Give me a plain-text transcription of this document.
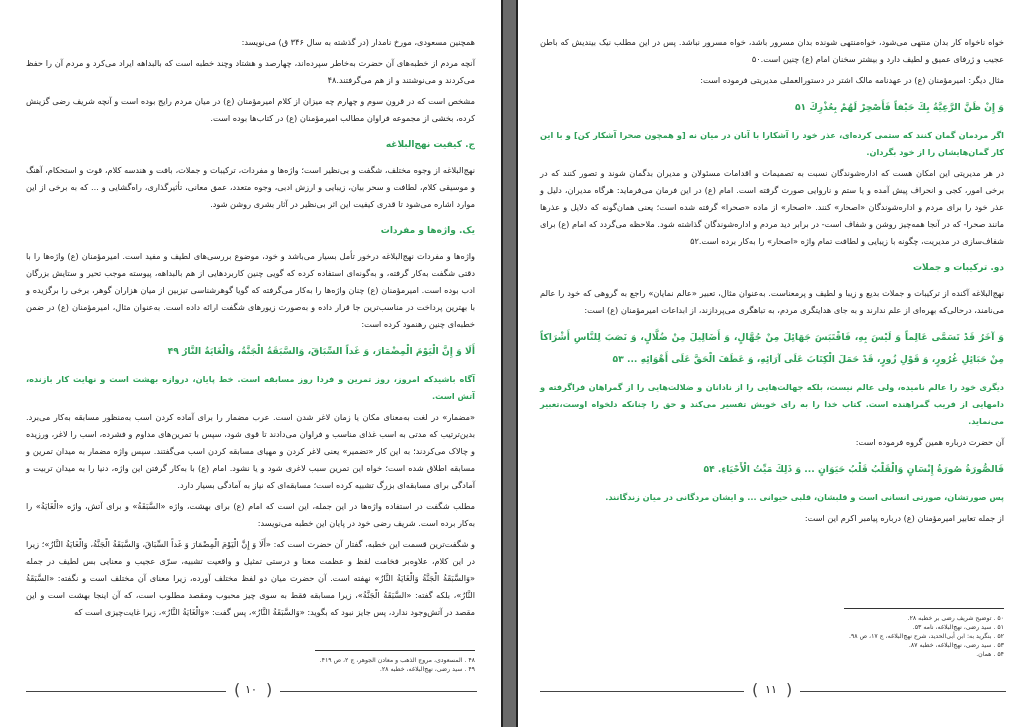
همچنین مسعودی، مورخ نامدار (در گذشته به سال ۳۴۶ ق) می‌نویسد:

آنچه مردم از خطبه‌های آن حضرت به‌خاطر سپرده‌اند، چهارصد و هشتاد وچند خطبه است که بالبداهه ایراد می‌کرد و مردم آن را حفظ می‌کردند و می‌نوشتند و از هم می‌گرفتند.۴۸

مشخص است که در قرون سوم و چهارم چه میزان از کلام امیرمؤمنان (ع) در میان مردم رایج بوده است و آنچه شریف رضی گزینش کرده، بخشی از مجموعه فراوان مطالب امیرمؤمنان (ع) در کتاب‌ها بوده است.

ج. کیفیت نهج‌البلاغه

نهج‌البلاغه از وجوه مختلف، شگفت و بی‌نظیر است؛ واژه‌ها و مفردات، ترکیبات و جملات، بافت و هندسه کلام، قوت و استحکام، آهنگ و موسیقی کلام، لطافت و سحر بیان، زیبایی و ارزش ادبی، وجوه متعدد، عمق معانی، تأثیرگذاری، راه‌گشایی و ... که به برخی از این موارد اشاره می‌شود تا قدری کیفیت این اثر بی‌نظیر در آثار بشری روشن شود.

یک. واژه‌ها و مفردات

واژه‌ها و مفردات نهج‌البلاغه درخور تأمل بسیار می‌باشد و خود، موضوع بررسی‌های لطیف و مفید است. امیرمؤمنان (ع) واژه‌ها را با دقتی شگفت به‌کار گرفته، و به‌گونه‌ای استفاده کرده که گویی چنین کاربردهایی از هم بالبداهه، پیوسته موجب تحیر و ستایش بزرگان ادب بوده است. امیرمؤمنان (ع) چنان واژه‌ها را به‌کار می‌گرفته که گویا گوهرشناسی تیزبین از میان هزاران گوهر، برخی را برگزیده و با بهترین پرداخت در مناسب‌ترین جا قرار داده و به‌صورت زیورهای شگفت ارائه داده است. به‌عنوان مثال، امیرمؤمنان (ع) در ضمن خطبه‌ای چنین رهنمود کرده است:

أَلَا وَ إِنَّ الْيَوْمَ الْمِضْمَارَ، وَ غَداً السِّبَاقَ، وَالسَّبَقَةُ الْجَنَّةُ، وَالْغَايَةُ النَّارُ ۴۹

آگاه باشید‌که امروز، روز تمرین و فردا روز مسابقه است. خط پایان، دروازه بهشت است و نهایت کار بازنده، آتش است.

«مضمار» در لغت به‌معنای مکان یا زمان لاغر شدن است. عرب مضمار را برای آماده کردن اسب به‌منظور مسابقه به‌کار می‌برد. بدین‌ترتیب که مدتی به اسب غذای مناسب و فراوان می‌دادند تا قوی شود، سپس با تمرین‌های مداوم و فشرده، اسب را لاغر، ورزیده و چالاک می‌کردند؛ به این کار «تضمیر» یعنی لاغر کردن و مهیای مسابقه کردن اسب می‌گفتند. سپس واژه مضمار به میدان تمرین و مسابقه اطلاق شده است؛ خواه این تمرین سبب لاغری شود و یا نشود. امام (ع) با به‌کار گرفتن این واژه، دنیا را به میدان تربیت و آمادگی برای مسابقه‌ای بزرگ تشبیه کرده است؛ مسابقه‌ای که نیاز به آمادگی بسیار دارد.

مطلب شگفت در استفاده واژه‌ها در این جمله، این است که امام (ع) برای بهشت، واژه «السَّبَقَةُ» و برای آتش، واژه «الْغَايَةُ» را به‌کار برده است. شریف رضی خود در پایان این خطبه می‌نویسد:

و شگفت‌ترین قسمت این خطبه، گفتار آن حضرت است که: «أَلَا وَ إِنَّ الْيَوْمَ الْمِضْمَارَ وَ غَداً السِّبَاقَ، وَالسَّبَقَةُ الْجَنَّةُ، وَالْغَايَةُ النَّارُ»؛ زیرا در این کلام، علاوه‌بر فخامت لفظ و عظمت معنا و درستی تمثیل و واقعیت تشبیه، سرّی عجیب و معنایی بس لطیف در جمله «وَالسَّبَقَةُ الْجَنَّةُ وَالْغَايَةُ النَّارُ» نهفته است. آن حضرت میان دو لفظ مختلف آورده، زیرا معنای آن مختلف است و نگفته: «السَّبَقَةُ النَّارُ»، بلکه گفته: «السَّبَقَةُ الْجَنَّةُ»، زیرا مسابقه فقط به سوی چیز محبوب ومقصد مطلوب است، که آن اینجا بهشت است و این مقصد در آتش‌وجود ندارد، پس جایز نبود که بگوید: «وَالسَّبَقَةُ النَّارُ»، پس گفت: «وَالْغَايَةُ النَّارُ»، زیرا غایت‌چیزی است که

۴۸ . المسعودی، مروج الذهب و معادن الجوهر، ج ۲، ص ۴۱۹.
۴۹ . سید رضی، نهج‌البلاغه، خطبه ۲۸.
( )
۱۰

خواه ناخواه کار بدان منتهی می‌شود، خواه‌منتهی شونده بدان مسرور باشد، خواه مسرور نباشد. پس در این مطلب نیک بیندیش که باطن عجیب و ژرفای عمیق و لطیف دارد و بیشتر سخنان امام (ع) چنین است.۵۰

مثال دیگر: امیرمؤمنان (ع) در عهدنامه مالک اشتر در دستورالعملی مدیریتی فرموده است:

وَ إِنْ ظَنَّ الرَّعِيَّةُ بِكَ حَيْفاً فَأَصْحِرْ لَهُمْ بِعُذْرِكَ ۵۱

اگر مردمان گمان کنند که ستمی کرده‌ای، عذر خود را آشکارا با آنان در میان نه [و همچون صحرا آشکار کن] و با این کار گمان‌هایشان را از خود بگردان.

در هر مدیریتی این امکان هست که اداره‌شوندگان نسبت به تصمیمات و اقدامات مسئولان و مدیران بدگمان شوند و تصور کنند که در برخی امور، کجی و انحراف پیش آمده و یا ستم و ناروایی صورت گرفته است. امام (ع) در این فرمان می‌فرماید: هرگاه مدیران، دلیل و عذر خود را برای مردم و اداره‌شوندگان «اصحار» کنند. «اصحار» از ماده «صحرا» گرفته شده است؛ یعنی همان‌گونه که دلایل و عذرها مانند صحرا‌- که در آنجا همه‌چیز روشن و شفاف است- در برابر دید مردم و اداره‌شوندگان گذاشته شود. ملاحظه می‌گردد که امام (ع) برای شفاف‌سازی در مدیریت، چگونه با زیبایی و لطافت تمام واژه «اصحار» را به‌کار برده است.۵۲

دو. ترکیبات و جملات

نهج‌البلاغه آکنده از ترکیبات و جملات بدیع و زیبا و لطیف و پرمعناست. به‌عنوان مثال، تعبیر «عالم نمایان» راجع به گروهی که خود را عالم می‌نامند، درحالی‌که بهره‌ای از علم ندارند و به جای هدایتگری مردم، به تباهگری می‌پردازند، از ابداعات امیرمؤمنان (ع) است:

وَ آخَرُ قَدْ تَسَمَّى عَالِماً وَ لَيْسَ بِهِ، فَاقْتَبَسَ جَهَائِلَ مِنْ جُهَّالٍ، وَ أَضَالِيلَ مِنْ ضُلَّالٍ، وَ نَصَبَ لِلنَّاسِ أَشْرَاكاً مِنْ حَبَائِلِ غُرُورٍ، وَ قَوْلِ زُورٍ، قَدْ حَمَلَ الْكِتَابَ عَلَى آرَائِهِ، وَ عَطَفَ الْحَقَّ عَلَى أَهْوَائِهِ ... ۵۳

دیگری خود را عالم نامیده، ولی عالم نیست، بلکه جهالت‌هایی را از نادانان و ضلالت‌هایی را از گمراهان فراگرفته و دامهایی از فریب گمراهنده است. کتاب خدا را به رای خویش تفسیر می‌کند و حق را چنانکه دلخواه اوست،تعبیر می‌نماید.

آن حضرت درباره همین گروه فرموده است:

فَالصُّورَةُ صُورَةُ إِنْسَانٍ وَالْقَلْبُ قَلْبُ حَيَوَانٍ ... وَ ذَلِكَ مَيِّتُ الْأَحْيَاءِ. ۵۴

پس صورتشان، صورتی انسانی است و قلبشان، قلبی حیوانی ... و ایشان مردگانی در میان زندگانند.

از جمله تعابیر امیرمؤمنان (ع) درباره پیامبر اکرم این است:

۵۰ . توضیح شریف رضی بر خطبه ۲۸.
۵۱ . سید رضی، نهج‌البلاغه، نامه ۵۳.
۵۲ . بنگرید به: ابن أبی‌الحدید، شرح نهج‌البلاغه، ج ۱۷، ص ۹۸.
۵۳ . سید رضی، نهج‌البلاغه، خطبه ۸۷.
۵۴ . همان.
( )
۱۱
